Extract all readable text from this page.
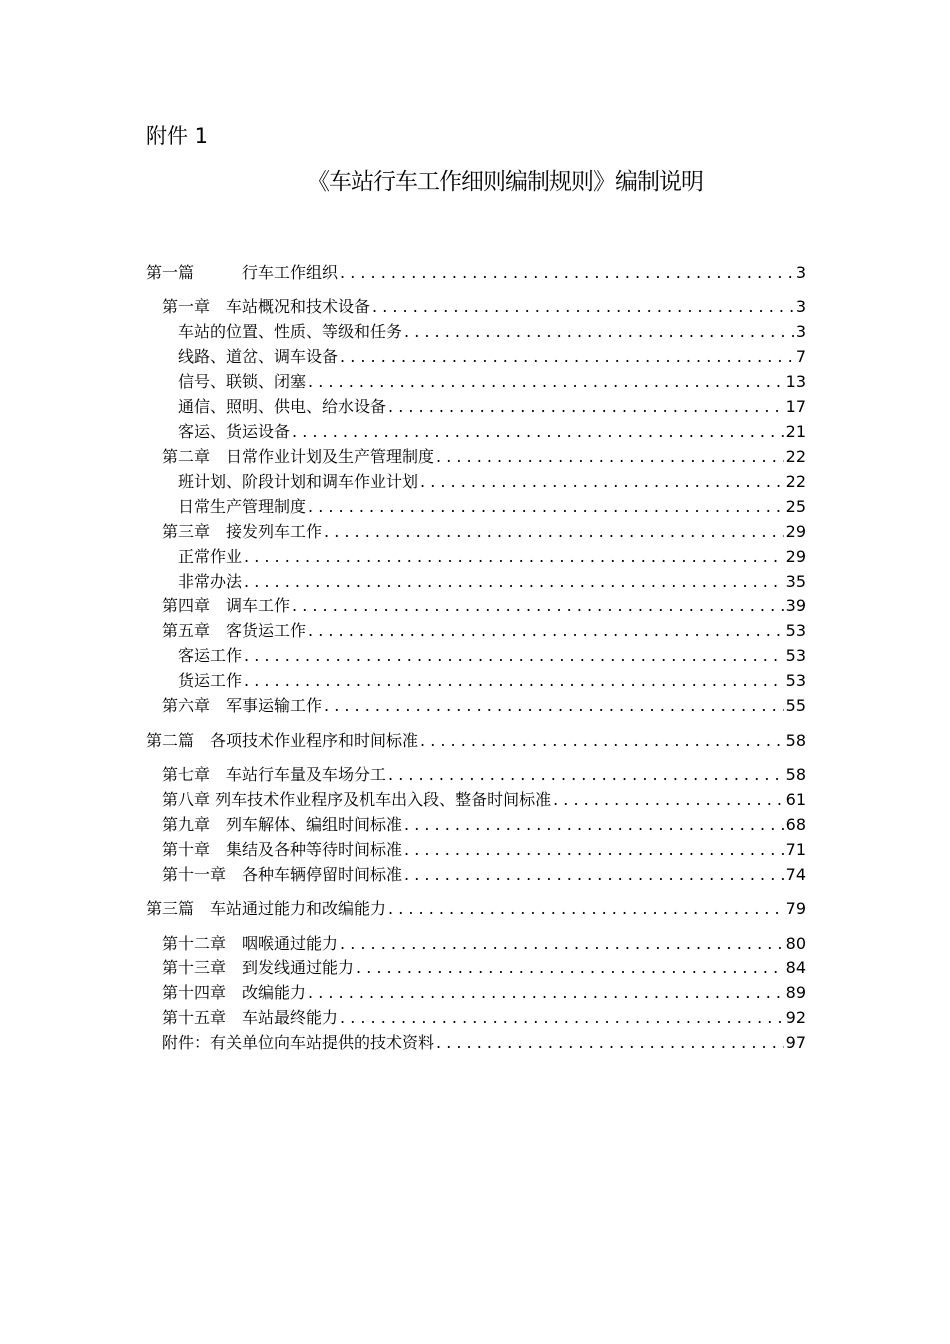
附件 1
《车站行车工作细则编制规则》编制说明
第一篇　　　行车工作组织 . . .	3
第一章　车站概况和技术设备 . . .	3
车站的位置、性质、等级和任务 . . .	3
线路、道岔、调车设备 . . .	7
信号、联锁、闭塞 . . .	13
通信、照明、供电、给水设备 . . .	17
客运、货运设备 . . .	21
第二章　日常作业计划及生产管理制度 . . .	22
班计划、阶段计划和调车作业计划 . . .	22
日常生产管理制度 . . .	25
第三章　接发列车工作 . . .	29
正常作业 . . .	29
非常办法 . . .	35
第四章　调车工作 . . .	39
第五章　客货运工作 . . .	53
客运工作 . . .	53
货运工作 . . .	53
第六章　军事运输工作 . . .	55
第二篇　各项技术作业程序和时间标准 . . .	58
第七章　车站行车量及车场分工 . . .	58
第八章 列车技术作业程序及机车出入段、整备时间标准 . . .	61
第九章　列车解体、编组时间标准 . . .	68
第十章　集结及各种等待时间标准 . . .	71
第十一章　各种车辆停留时间标准 . . .	74
第三篇　车站通过能力和改编能力 . . .	79
第十二章　咽喉通过能力 . . .	80
第十三章　到发线通过能力 . . .	84
第十四章　改编能力 . . .	89
第十五章　车站最终能力 . . .	92
附件：有关单位向车站提供的技术资料 . . .	97
